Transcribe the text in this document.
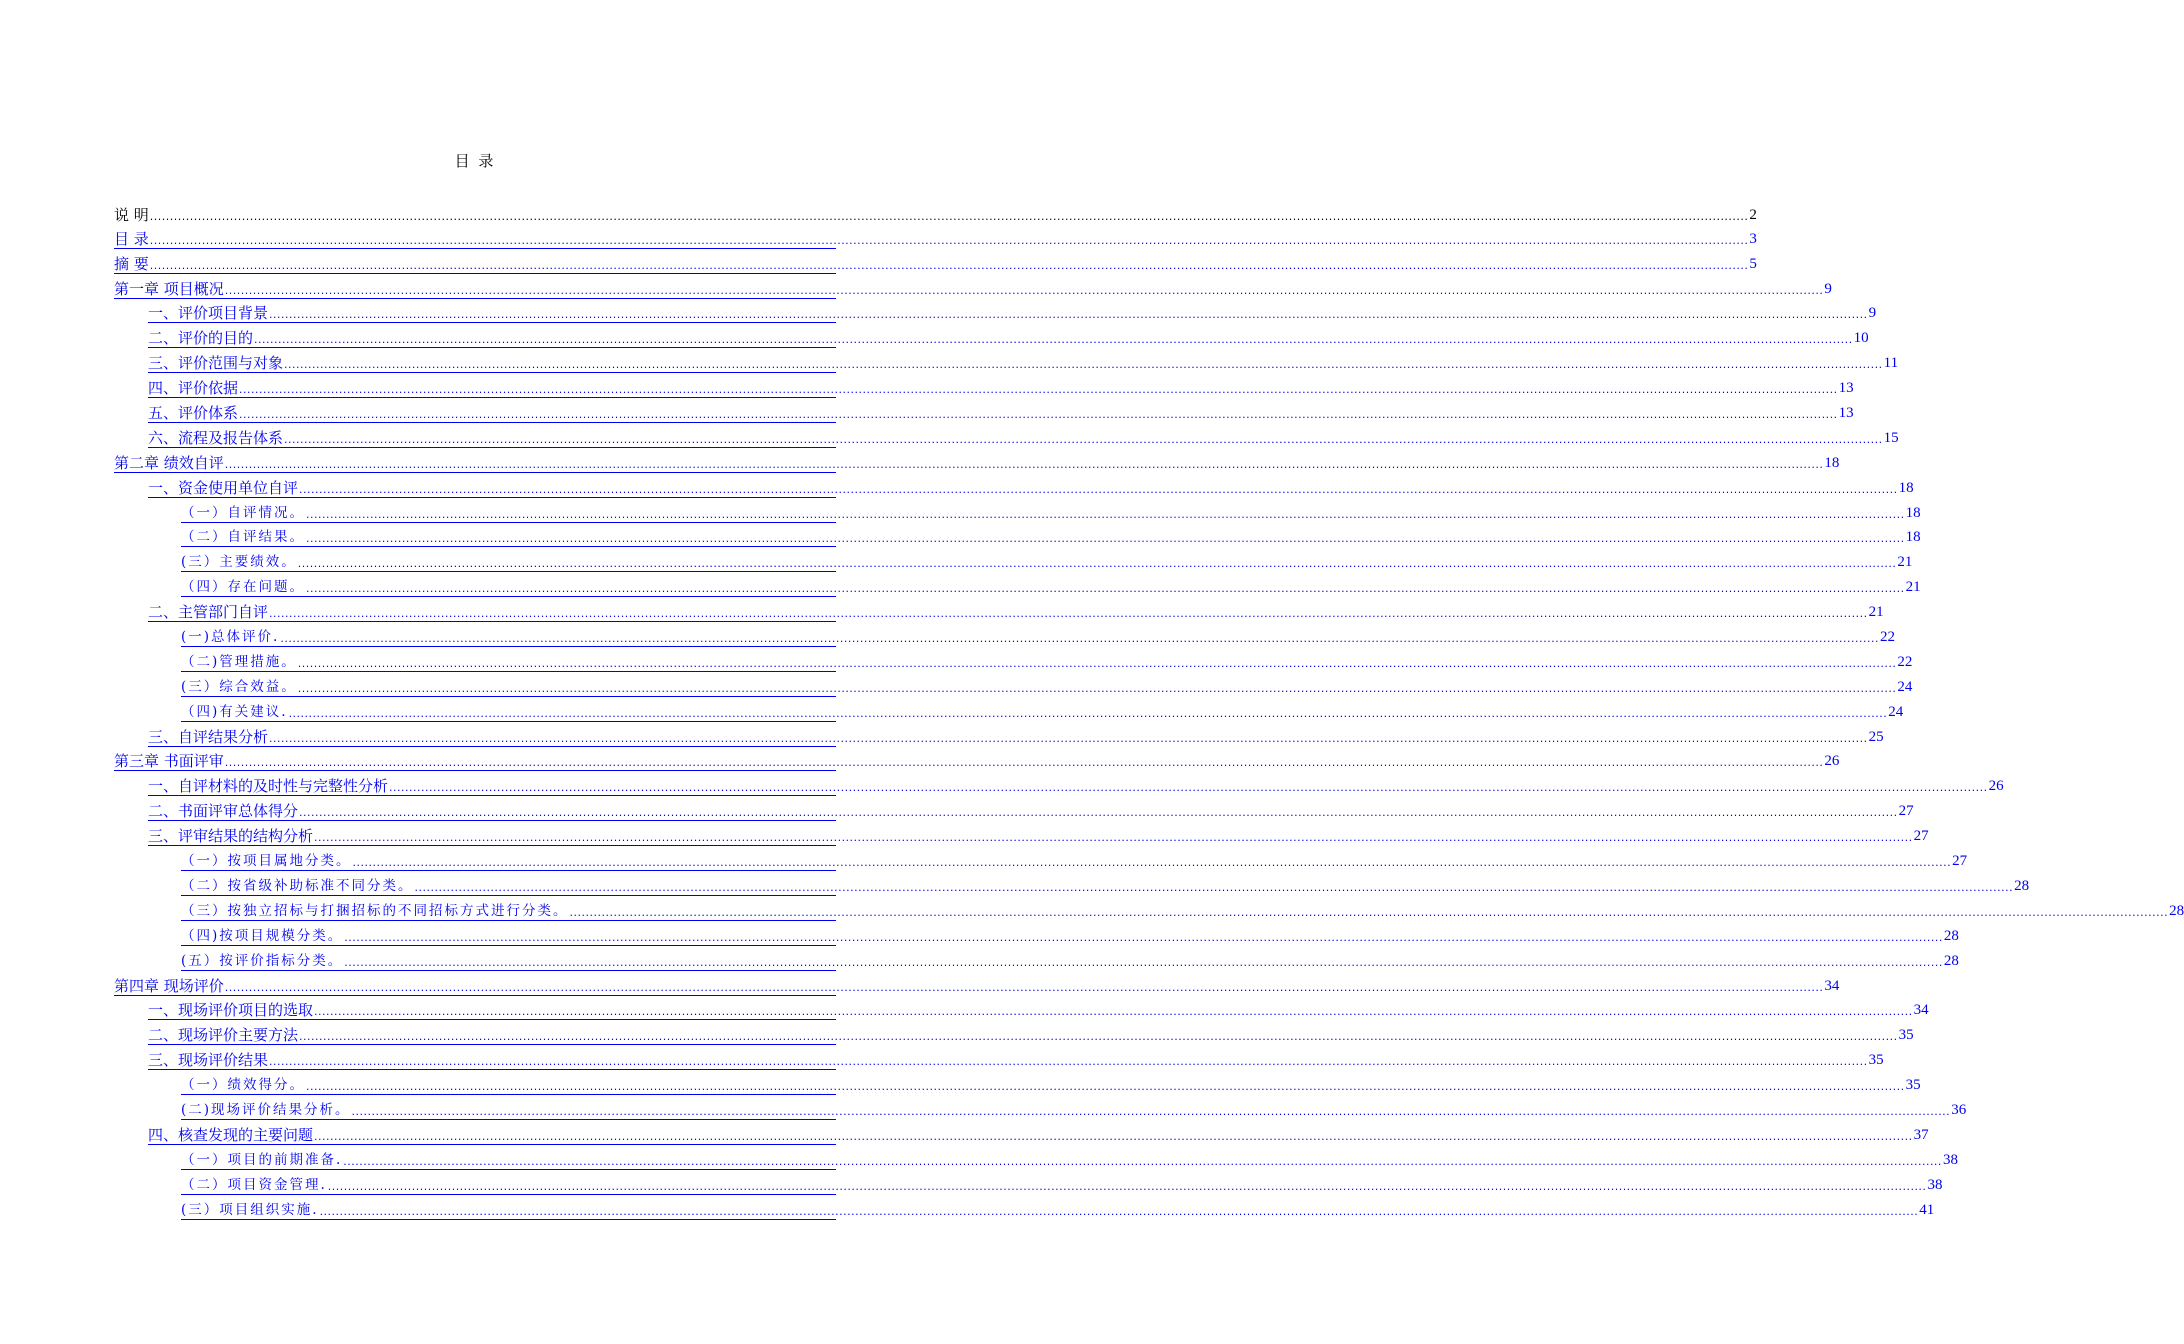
目 录
说 明 ................................................................................................................................................................................................................................................................................................................................................................................................................ 2
目 录 ................................................................................................................................................................................................................................................................................................................................................................................................................ 3
摘 要 ................................................................................................................................................................................................................................................................................................................................................................................................................ 5
第一章 项目概况 ................................................................................................................................................................................................................................................................................................................................................................................................................ 9
一、评价项目背景 ................................................................................................................................................................................................................................................................................................................................................................................................................ 9
二、评价的目的 ................................................................................................................................................................................................................................................................................................................................................................................................................ 10
三、评价范围与对象 ................................................................................................................................................................................................................................................................................................................................................................................................................ 11
四、评价依据 ................................................................................................................................................................................................................................................................................................................................................................................................................ 13
五、评价体系 ................................................................................................................................................................................................................................................................................................................................................................................................................ 13
六、流程及报告体系 ................................................................................................................................................................................................................................................................................................................................................................................................................ 15
第二章 绩效自评 ................................................................................................................................................................................................................................................................................................................................................................................................................ 18
一、资金使用单位自评 ................................................................................................................................................................................................................................................................................................................................................................................................................ 18
（一）自评情况。 ................................................................................................................................................................................................................................................................................................................................................................................................................ 18
（二）自评结果。 ................................................................................................................................................................................................................................................................................................................................................................................................................ 18
(三）主要绩效。 ................................................................................................................................................................................................................................................................................................................................................................................................................ 21
（四）存在问题。 ................................................................................................................................................................................................................................................................................................................................................................................................................ 21
二、主管部门自评 ................................................................................................................................................................................................................................................................................................................................................................................................................ 21
(一)总体评价. ................................................................................................................................................................................................................................................................................................................................................................................................................ 22
（二)管理措施。 ................................................................................................................................................................................................................................................................................................................................................................................................................ 22
(三）综合效益。 ................................................................................................................................................................................................................................................................................................................................................................................................................ 24
（四)有关建议. ................................................................................................................................................................................................................................................................................................................................................................................................................ 24
三、自评结果分析 ................................................................................................................................................................................................................................................................................................................................................................................................................ 25
第三章 书面评审 ................................................................................................................................................................................................................................................................................................................................................................................................................ 26
一、自评材料的及时性与完整性分析 ................................................................................................................................................................................................................................................................................................................................................................................................................ 26
二、书面评审总体得分 ................................................................................................................................................................................................................................................................................................................................................................................................................ 27
三、评审结果的结构分析 ................................................................................................................................................................................................................................................................................................................................................................................................................ 27
（一）按项目属地分类。 ................................................................................................................................................................................................................................................................................................................................................................................................................ 27
（二）按省级补助标准不同分类。 ................................................................................................................................................................................................................................................................................................................................................................................................................ 28
（三）按独立招标与打捆招标的不同招标方式进行分类。 ................................................................................................................................................................................................................................................................................................................................................................................................................ 28
（四)按项目规模分类。 ................................................................................................................................................................................................................................................................................................................................................................................................................ 28
(五）按评价指标分类。 ................................................................................................................................................................................................................................................................................................................................................................................................................ 28
第四章 现场评价 ................................................................................................................................................................................................................................................................................................................................................................................................................ 34
一、现场评价项目的选取 ................................................................................................................................................................................................................................................................................................................................................................................................................ 34
二、现场评价主要方法 ................................................................................................................................................................................................................................................................................................................................................................................................................ 35
三、现场评价结果 ................................................................................................................................................................................................................................................................................................................................................................................................................ 35
（一）绩效得分。 ................................................................................................................................................................................................................................................................................................................................................................................................................ 35
(二)现场评价结果分析。 ................................................................................................................................................................................................................................................................................................................................................................................................................ 36
四、核查发现的主要问题 ................................................................................................................................................................................................................................................................................................................................................................................................................ 37
（一）项目的前期准备. ................................................................................................................................................................................................................................................................................................................................................................................................................ 38
（二）项目资金管理. ................................................................................................................................................................................................................................................................................................................................................................................................................ 38
(三）项目组织实施. ................................................................................................................................................................................................................................................................................................................................................................................................................ 41
